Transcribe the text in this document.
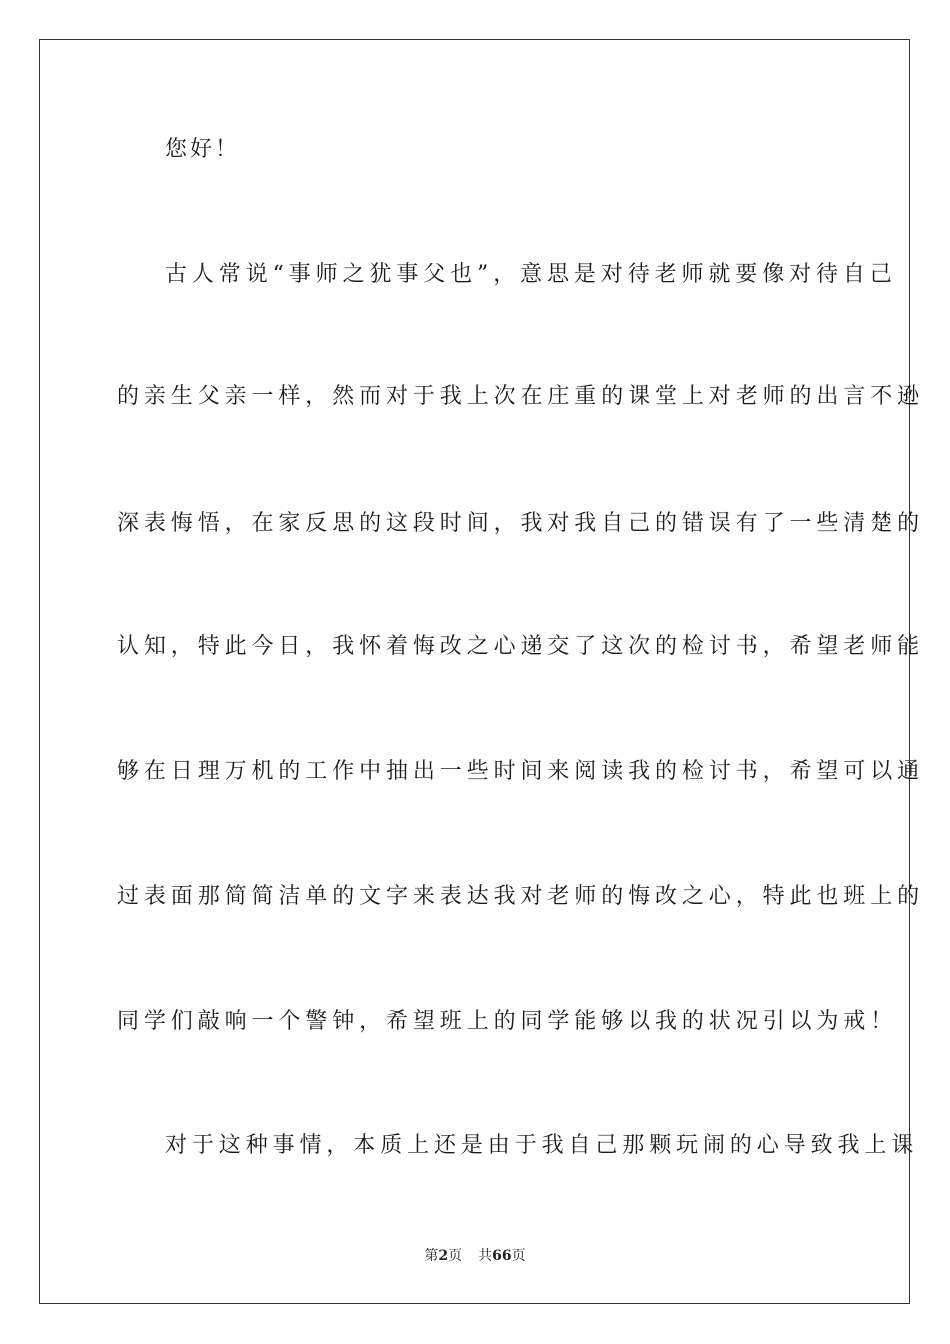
您好！
古人常说“事师之犹事父也”，意思是对待老师就要像对待自己
的亲生父亲一样，然而对于我上次在庄重的课堂上对老师的出言不逊
深表悔悟，在家反思的这段时间，我对我自己的错误有了一些清楚的
认知，特此今日，我怀着悔改之心递交了这次的检讨书，希望老师能
够在日理万机的工作中抽出一些时间来阅读我的检讨书，希望可以通
过表面那简简洁单的文字来表达我对老师的悔改之心，特此也班上的
同学们敲响一个警钟，希望班上的同学能够以我的状况引以为戒！
对于这种事情，本质上还是由于我自己那颗玩闹的心导致我上课
第2页 共66页
